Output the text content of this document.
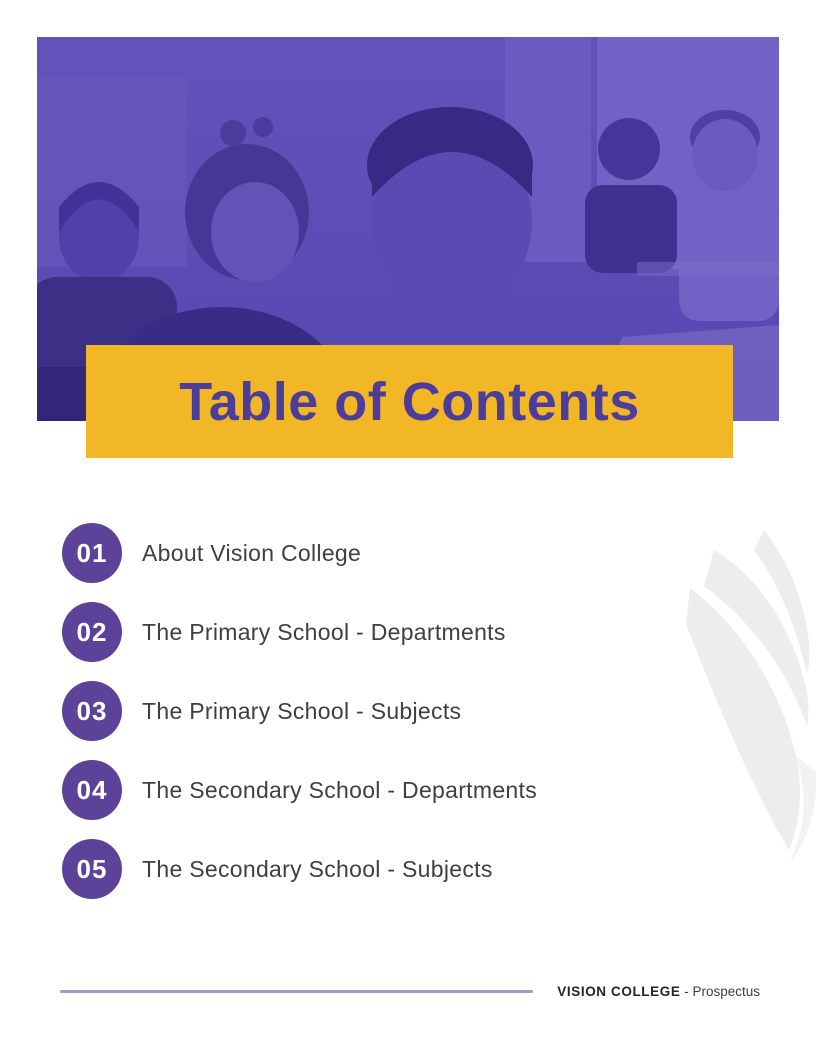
Table of Contents
01	About Vision College
02	The Primary School - Departments
03	The Primary School - Subjects
04	The Secondary School - Departments
05	The Secondary School - Subjects
VISION COLLEGE - Prospectus
